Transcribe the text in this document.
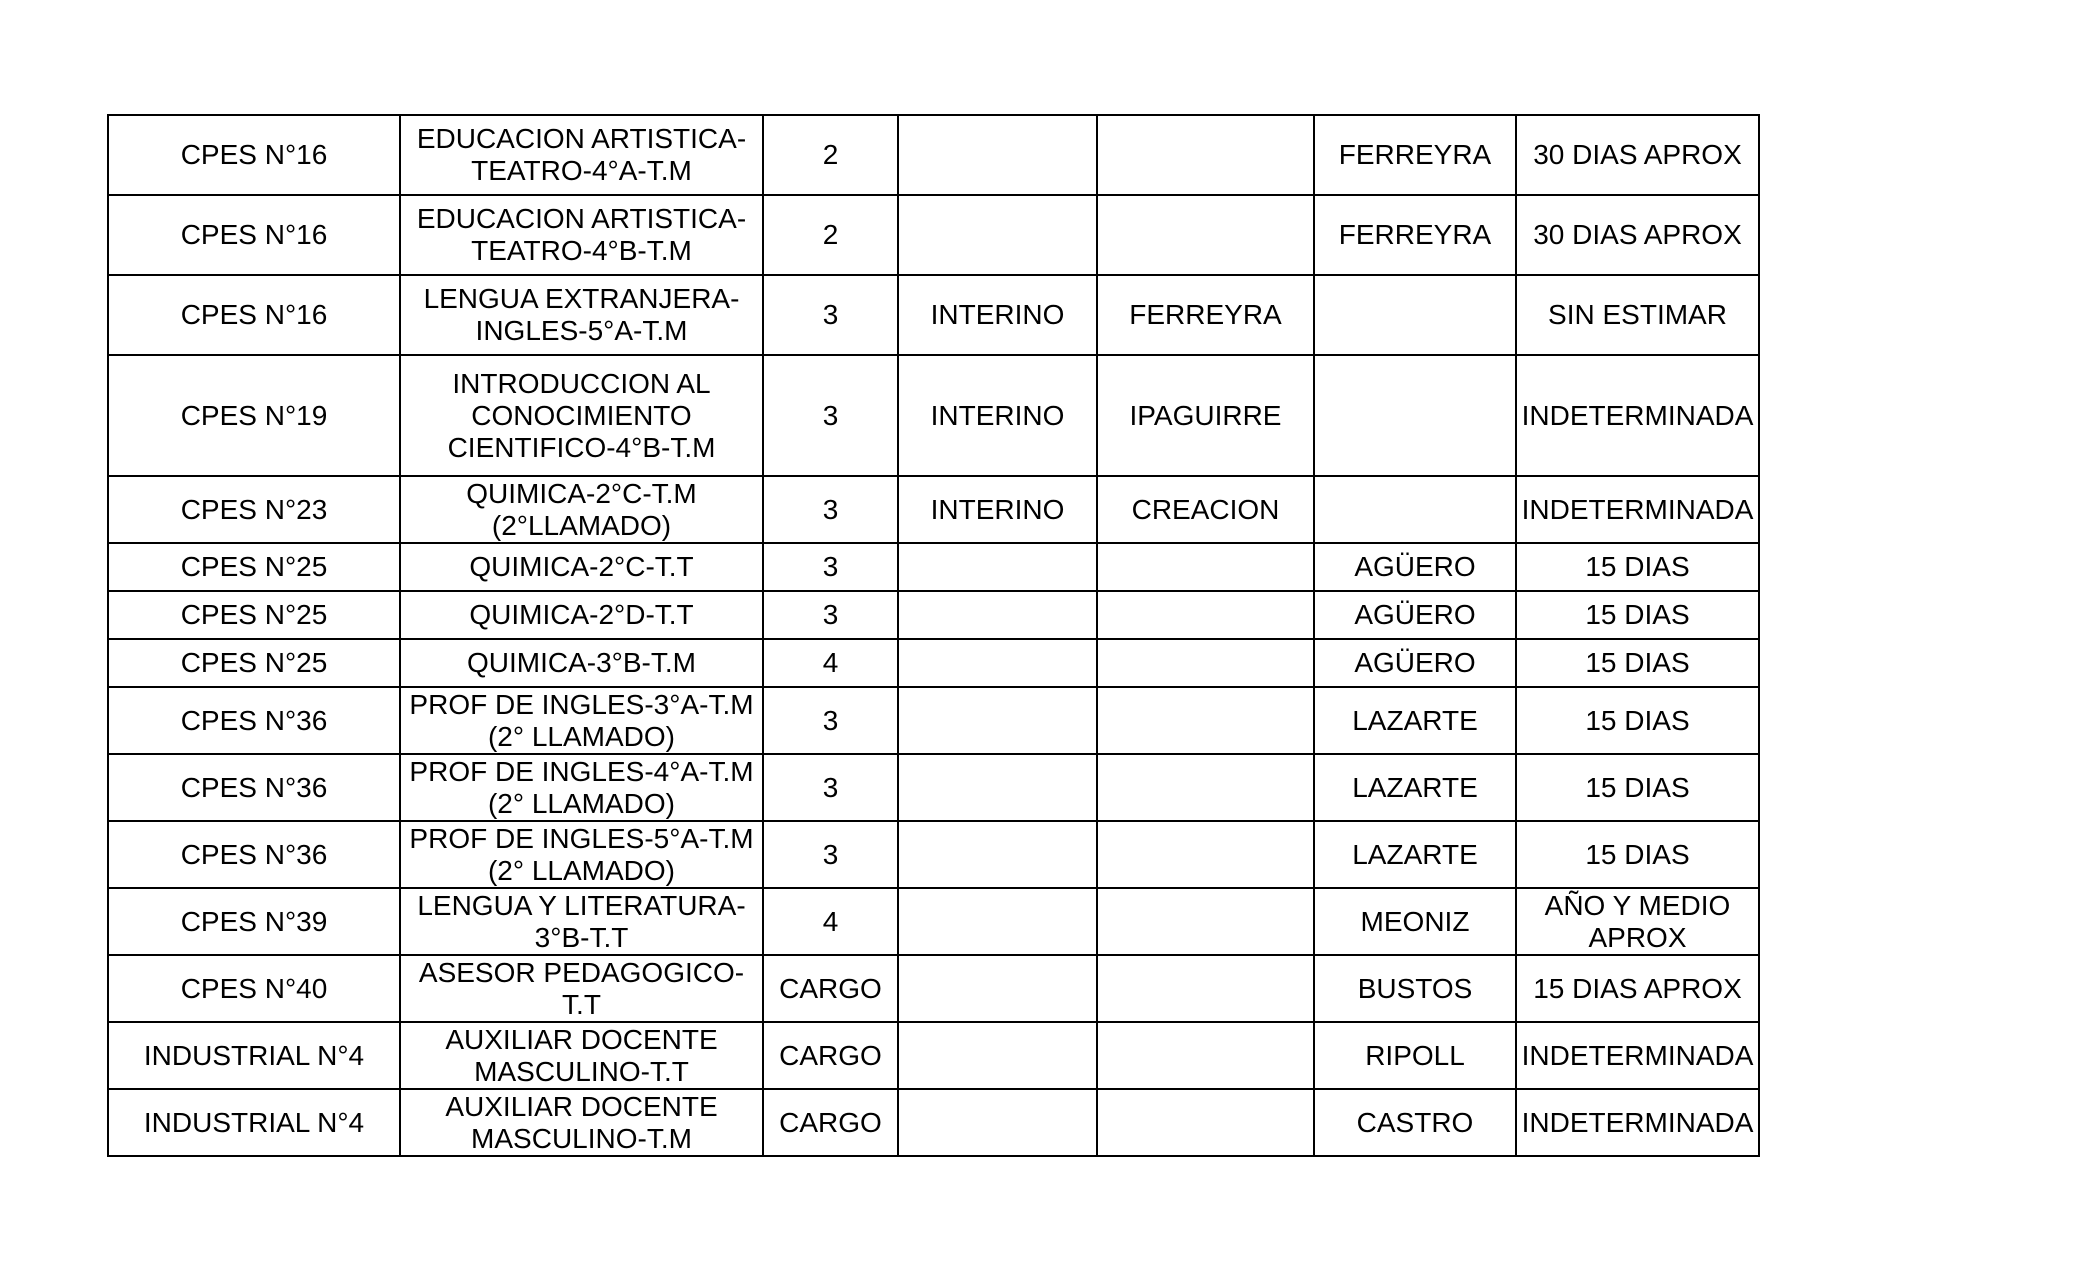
CPES N°16	EDUCACION ARTISTICA-
TEATRO-4°A-T.M	2			FERREYRA	30 DIAS APROX
CPES N°16	EDUCACION ARTISTICA-
TEATRO-4°B-T.M	2			FERREYRA	30 DIAS APROX
CPES N°16	LENGUA EXTRANJERA-
INGLES-5°A-T.M	3	INTERINO	FERREYRA		SIN ESTIMAR
CPES N°19	INTRODUCCION AL
CONOCIMIENTO
CIENTIFICO-4°B-T.M	3	INTERINO	IPAGUIRRE		INDETERMINADA
CPES N°23	QUIMICA-2°C-T.M
(2°LLAMADO)	3	INTERINO	CREACION		INDETERMINADA
CPES N°25	QUIMICA-2°C-T.T	3			AGÜERO	15 DIAS
CPES N°25	QUIMICA-2°D-T.T	3			AGÜERO	15 DIAS
CPES N°25	QUIMICA-3°B-T.M	4			AGÜERO	15 DIAS
CPES N°36	PROF DE INGLES-3°A-T.M
(2° LLAMADO)	3			LAZARTE	15 DIAS
CPES N°36	PROF DE INGLES-4°A-T.M
(2° LLAMADO)	3			LAZARTE	15 DIAS
CPES N°36	PROF DE INGLES-5°A-T.M
(2° LLAMADO)	3			LAZARTE	15 DIAS
CPES N°39	LENGUA Y LITERATURA-
3°B-T.T	4			MEONIZ	AÑO Y MEDIO
APROX
CPES N°40	ASESOR PEDAGOGICO-
T.T	CARGO			BUSTOS	15 DIAS APROX
INDUSTRIAL N°4	AUXILIAR DOCENTE
MASCULINO-T.T	CARGO			RIPOLL	INDETERMINADA
INDUSTRIAL N°4	AUXILIAR DOCENTE
MASCULINO-T.M	CARGO			CASTRO	INDETERMINADA
